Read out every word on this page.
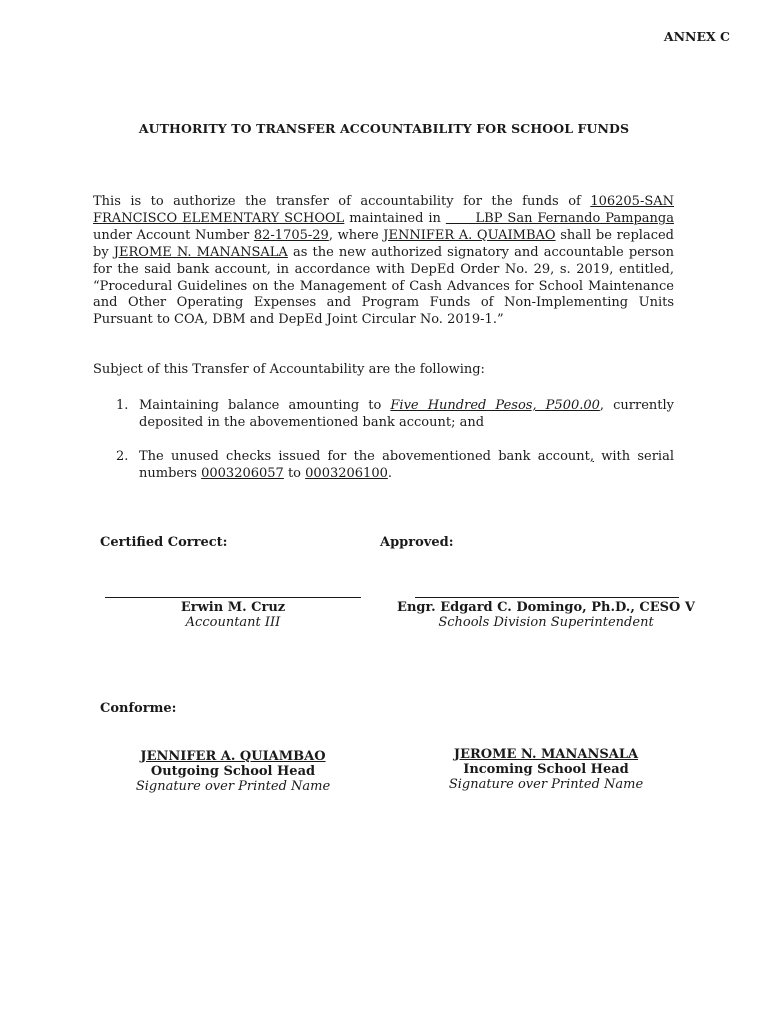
ANNEX C
AUTHORITY TO TRANSFER ACCOUNTABILITY FOR SCHOOL FUNDS
This is to authorize the transfer of accountability for the funds of 106205-SAN FRANCISCO ELEMENTARY SCHOOL maintained in       LBP San Fernando Pampanga under Account Number 82-1705-29, where JENNIFER A. QUAIMBAO shall be replaced by JEROME N. MANANSALA as the new authorized signatory and accountable person for the said bank account, in accordance with DepEd Order No. 29, s. 2019, entitled, “Procedural Guidelines on the Management of Cash Advances for School Maintenance and Other Operating Expenses and Program Funds of Non-Implementing Units Pursuant to COA, DBM and DepEd Joint Circular No. 2019-1.”
Subject of this Transfer of Accountability are the following:
1. Maintaining balance amounting to Five Hundred Pesos, P500.00, currently deposited in the abovementioned bank account; and
2. The unused checks issued for the abovementioned bank account, with serial numbers 0003206057 to 0003206100.
Certified Correct:	Approved:
Erwin M. Cruz
Accountant III
Engr. Edgard C. Domingo, Ph.D., CESO V
Schools Division Superintendent
Conforme:
JENNIFER A. QUIAMBAO
Outgoing School Head
Signature over Printed Name
JEROME N. MANANSALA
Incoming School Head
Signature over Printed Name
